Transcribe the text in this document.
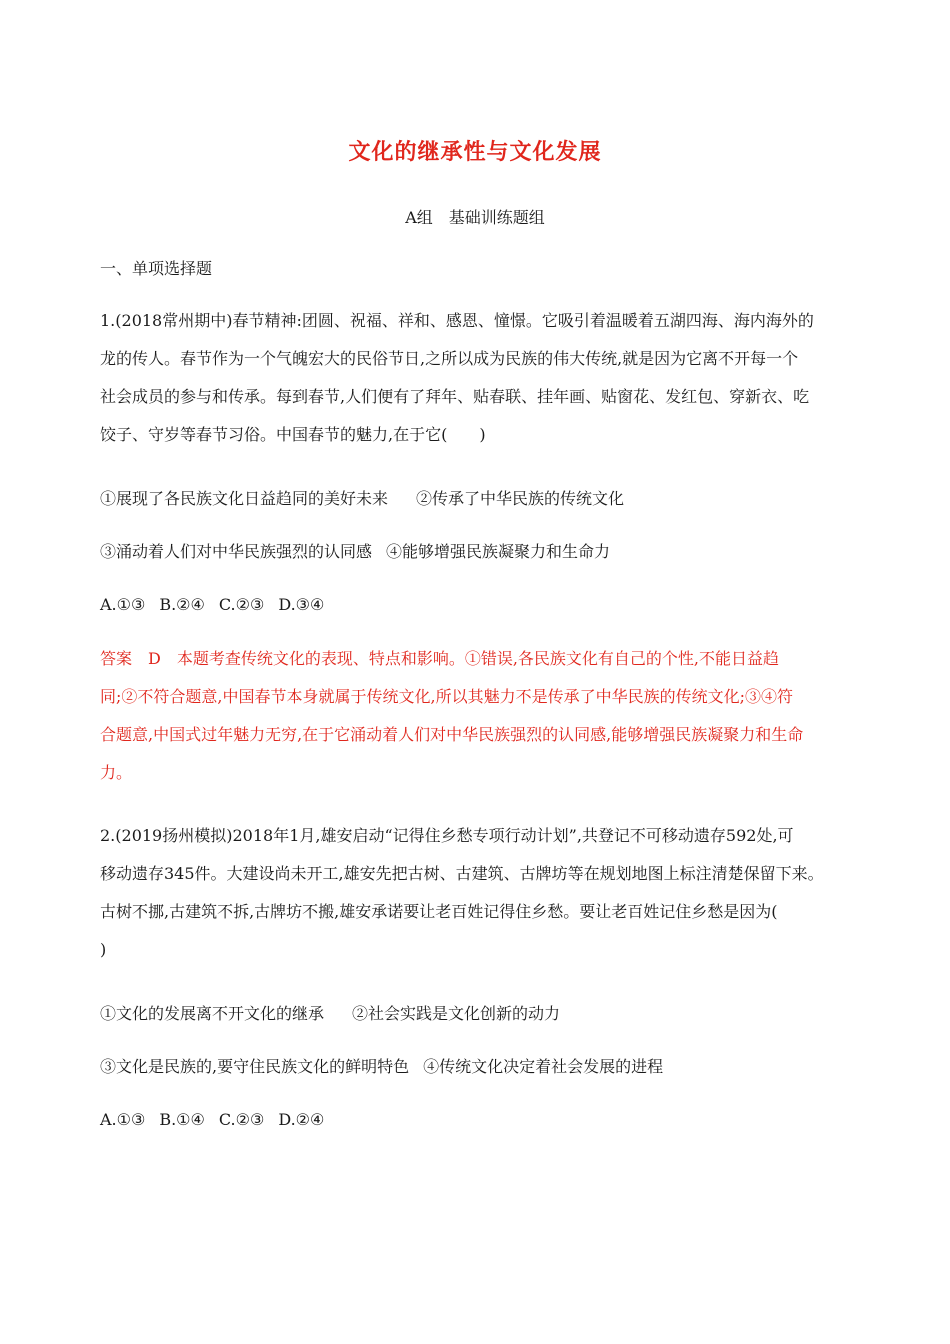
文化的继承性与文化发展
A组　基础训练题组
一、单项选择题
1.(2018常州期中)春节精神:团圆、祝福、祥和、感恩、憧憬。它吸引着温暖着五湖四海、海内海外的
龙的传人。春节作为一个气魄宏大的民俗节日,之所以成为民族的伟大传统,就是因为它离不开每一个
社会成员的参与和传承。每到春节,人们便有了拜年、贴春联、挂年画、贴窗花、发红包、穿新衣、吃
饺子、守岁等春节习俗。中国春节的魅力,在于它(　　)
①展现了各民族文化日益趋同的美好未来 ②传承了中华民族的传统文化
③涌动着人们对中华民族强烈的认同感 ④能够增强民族凝聚力和生命力
A.①③ B.②④ C.②③ D.③④
答案　D　本题考查传统文化的表现、特点和影响。①错误,各民族文化有自己的个性,不能日益趋
同;②不符合题意,中国春节本身就属于传统文化,所以其魅力不是传承了中华民族的传统文化;③④符
合题意,中国式过年魅力无穷,在于它涌动着人们对中华民族强烈的认同感,能够增强民族凝聚力和生命
力。
2.(2019扬州模拟)2018年1月,雄安启动“记得住乡愁专项行动计划”,共登记不可移动遗存592处,可
移动遗存345件。大建设尚未开工,雄安先把古树、古建筑、古牌坊等在规划地图上标注清楚保留下来。
古树不挪,古建筑不拆,古牌坊不搬,雄安承诺要让老百姓记得住乡愁。要让老百姓记住乡愁是因为(
)
①文化的发展离不开文化的继承 ②社会实践是文化创新的动力
③文化是民族的,要守住民族文化的鲜明特色 ④传统文化决定着社会发展的进程
A.①③ B.①④ C.②③ D.②④
